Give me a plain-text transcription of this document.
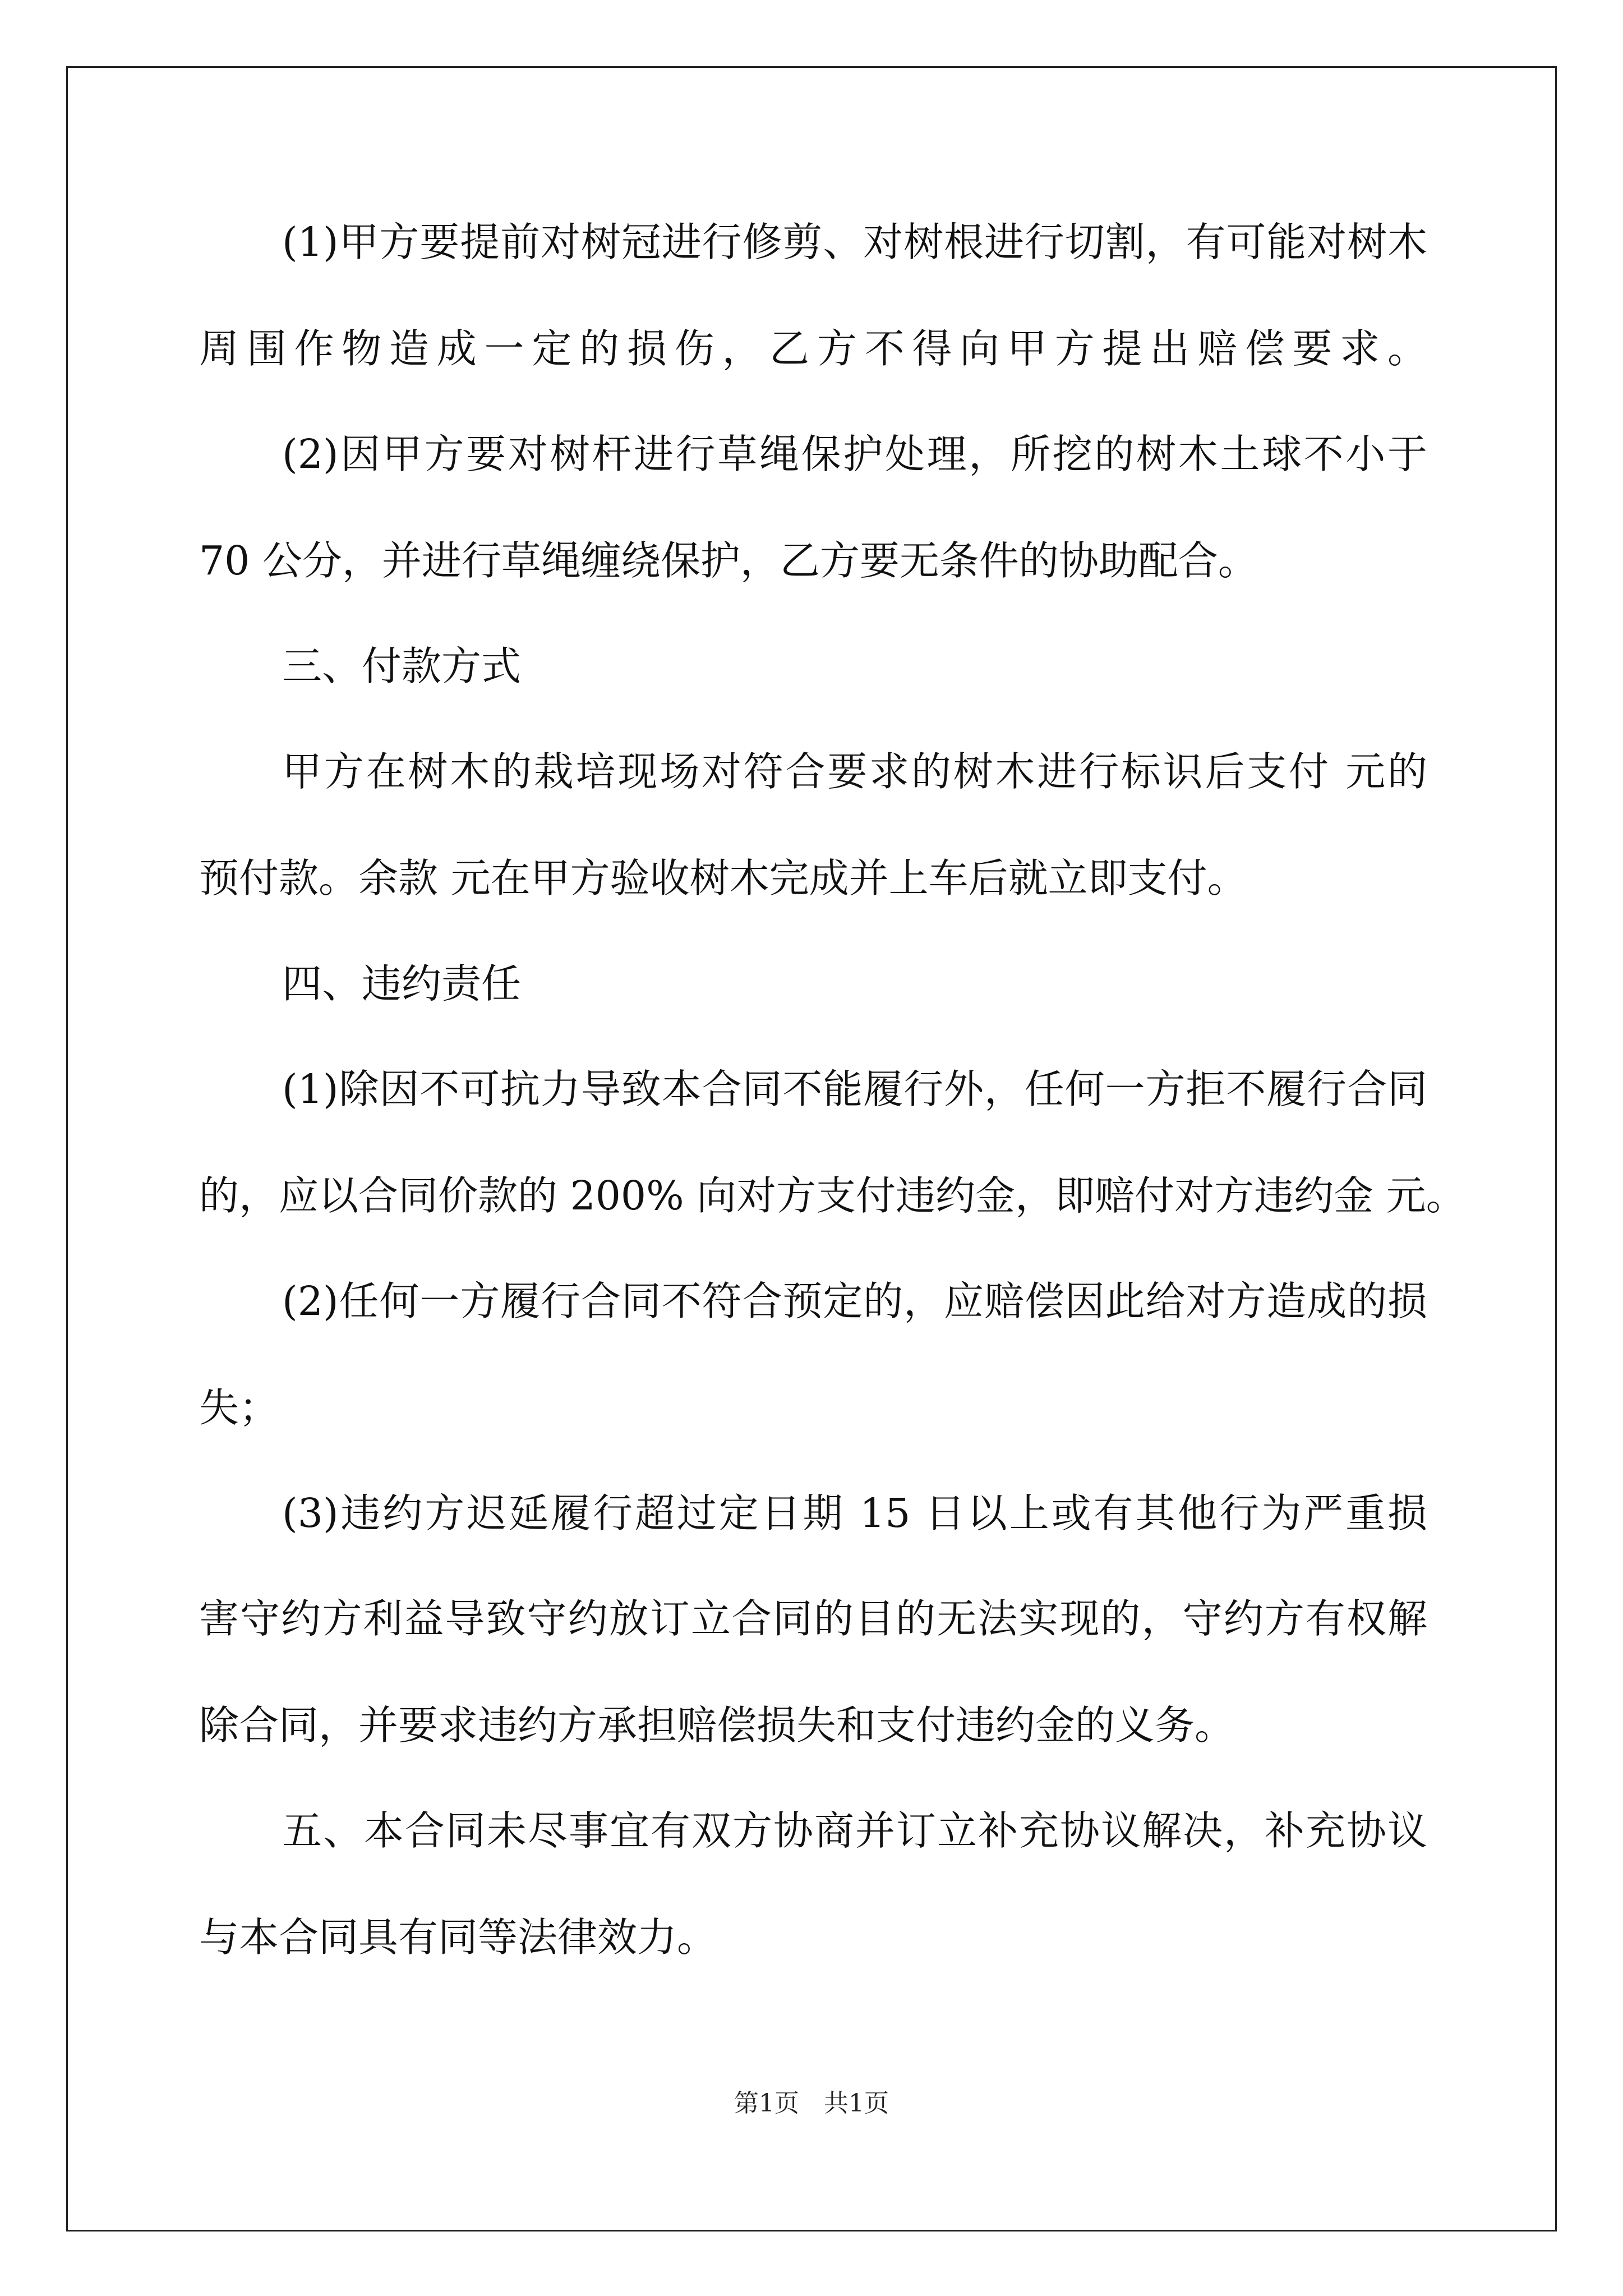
(1)甲方要提前对树冠进行修剪、对树根进行切割，有可能对树木
周围作物造成一定的损伤，乙方不得向甲方提出赔偿要求。
(2)因甲方要对树杆进行草绳保护处理，所挖的树木土球不小于
70 公分，并进行草绳缠绕保护，乙方要无条件的协助配合。
三、付款方式
甲方在树木的栽培现场对符合要求的树木进行标识后支付 元的
预付款。余款 元在甲方验收树木完成并上车后就立即支付。
四、违约责任
(1)除因不可抗力导致本合同不能履行外，任何一方拒不履行合同
的，应以合同价款的 200% 向对方支付违约金，即赔付对方违约金 元。
(2)任何一方履行合同不符合预定的，应赔偿因此给对方造成的损
失；
(3)违约方迟延履行超过定日期 15 日以上或有其他行为严重损
害守约方利益导致守约放订立合同的目的无法实现的，守约方有权解
除合同，并要求违约方承担赔偿损失和支付违约金的义务。
五、本合同未尽事宜有双方协商并订立补充协议解决，补充协议
与本合同具有同等法律效力。
第1页　共1页
